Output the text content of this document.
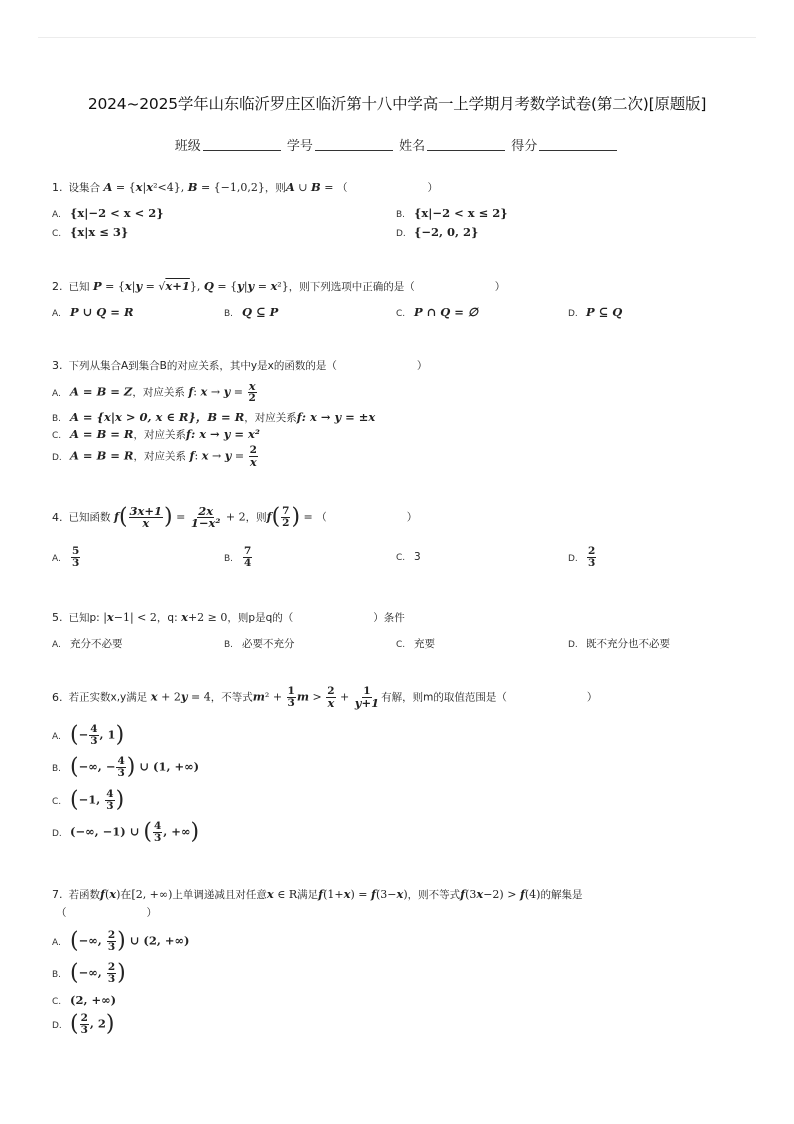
2024~2025学年山东临沂罗庄区临沂第十八中学高一上学期月考数学试卷(第二次)[原题版]
班级	学号	姓名	得分
1. 设集合 A = {x|x²<4}, B = {−1,0,2}，则A ∪ B = （	）
A. {x|−2 < x < 2}	B. {x|−2 < x ≤ 2}
C. {x|x ≤ 3}	D. {−2, 0, 2}
2. 已知 P = {x|y = √x+1}, Q = {y|y = x²}，则下列选项中正确的是（	）
A. P ∪ Q = R	B. Q ⊆ P	C. P ∩ Q = ∅	D. P ⊆ Q
3. 下列从集合A到集合B的对应关系，其中y是x的函数的是（	）
A. A = B = Z，对应关系 f: $x \to y = \frac{x}{2}$
B. A = {x|x > 0, x ∈ R}，B = R，对应关系f: x → y = ±x
C. A = B = R，对应关系f: x → y = x²
D. A = B = R，对应关系 f: $x \to y = \frac{2}{x}$
4. 已知函数 $f( \frac{3x+1}{x}$ ) = $\frac{2x}{\text{1−x²}} + 2$，则$f( \frac{7}{2}$ ) = （	）
A. $\frac{5}{3}$	B. $\frac{7}{4}$	C. 3	D. $\frac{2}{3}$
5. 已知p: |x−1| < 2，q: x+2 ≥ 0，则p是q的（	）条件
A. 充分不必要	B. 必要不充分	C. 充要	D. 既不充分也不必要
6. 若正实数x,y满足 x + 2y = 4，不等式$m^2 + \frac{1}{3}$ $m > \frac{2}{x} + \frac{1}{y+1}$ 有解，则m的取值范围是（	）
A. (− $\frac{4}{3}$ , 1)
B. (−∞, − $\frac{4}{3}$ ) ∪ (1, +∞)
C. (−1, $\frac{4}{3}$ )
D. (−∞, −1) ∪ ( $\frac{4}{3}$ , +∞)
7. 若函数f(x)在[2, +∞)上单调递减且对任意x ∈ R满足f(1+x) = f(3−x)，则不等式f(3x−2) > f(4)的解集是
（	）
A. (−∞, $\frac{2}{3}$ ) ∪ (2, +∞)
B. (−∞, $\frac{2}{3}$ )
C. (2, +∞)
D. ( $\frac{2}{3}$ , 2)
